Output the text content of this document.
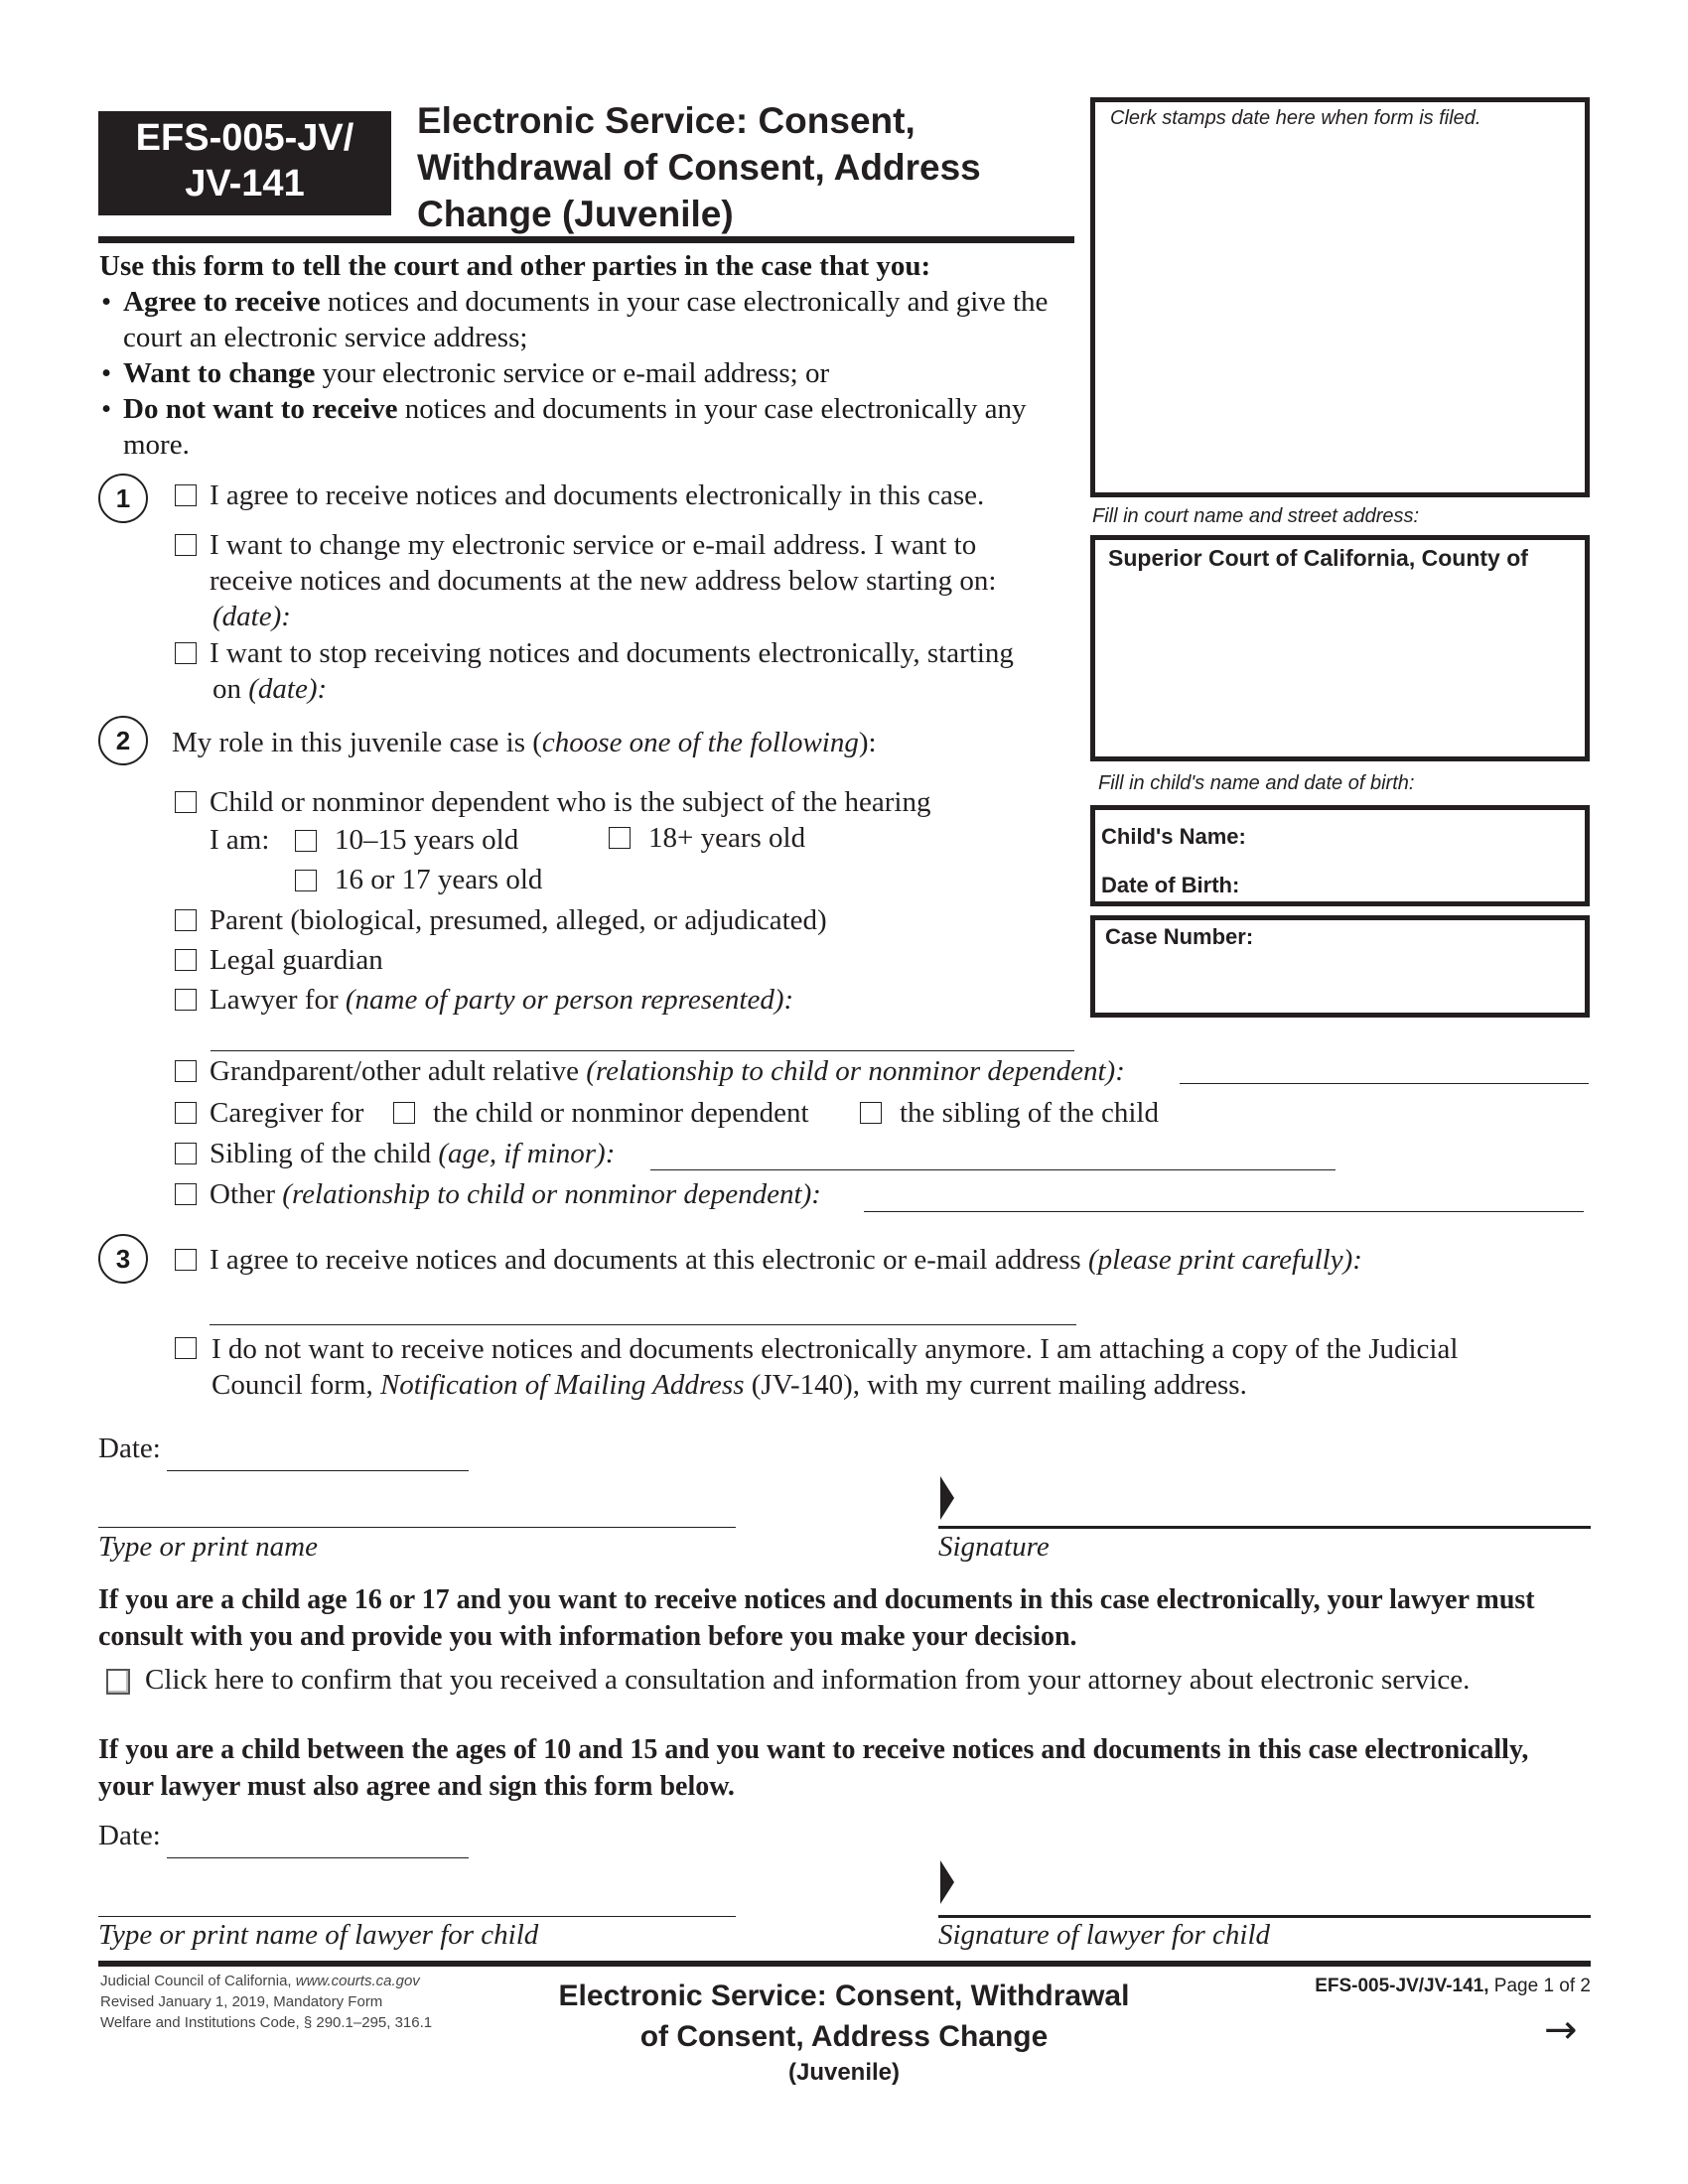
EFS-005-JV/
JV-141
Electronic Service: Consent,
Withdrawal of Consent, Address
Change (Juvenile)
Clerk stamps date here when form is filed.
Fill in court name and street address:
Superior Court of California, County of
Fill in child's name and date of birth:
Child's Name:
Date of Birth:
Case Number:
Use this form to tell the court and other parties in the case that you:
• Agree to receive notices and documents in your case electronically and give the court an electronic service address;
• Want to change your electronic service or e-mail address; or
• Do not want to receive notices and documents in your case electronically any more.
1	I agree to receive notices and documents electronically in this case.
I want to change my electronic service or e-mail address. I want to
receive notices and documents at the new address below starting on:
(date):
I want to stop receiving notices and documents electronically, starting
on (date):
2	My role in this juvenile case is (choose one of the following):
Child or nonminor dependent who is the subject of the hearing
I am: 10–15 years old	18+ years old
16 or 17 years old
Parent (biological, presumed, alleged, or adjudicated)
Legal guardian
Lawyer for (name of party or person represented):
Grandparent/other adult relative (relationship to child or nonminor dependent):
Caregiver for the child or nonminor dependent	the sibling of the child
Sibling of the child (age, if minor):
Other (relationship to child or nonminor dependent):
3	I agree to receive notices and documents at this electronic or e-mail address (please print carefully):
I do not want to receive notices and documents electronically anymore. I am attaching a copy of the Judicial
Council form, Notification of Mailing Address (JV-140), with my current mailing address.
Date:
Type or print name	Signature
If you are a child age 16 or 17 and you want to receive notices and documents in this case electronically, your lawyer must consult with you and provide you with information before you make your decision.
Click here to confirm that you received a consultation and information from your attorney about electronic service.
If you are a child between the ages of 10 and 15 and you want to receive notices and documents in this case electronically, your lawyer must also agree and sign this form below.
Date:
Type or print name of lawyer for child	Signature of lawyer for child
Judicial Council of California, www.courts.ca.gov
Revised January 1, 2019, Mandatory Form
Welfare and Institutions Code, § 290.1–295, 316.1
Electronic Service: Consent, Withdrawal
of Consent, Address Change
(Juvenile)
EFS-005-JV/JV-141, Page 1 of 2
→
